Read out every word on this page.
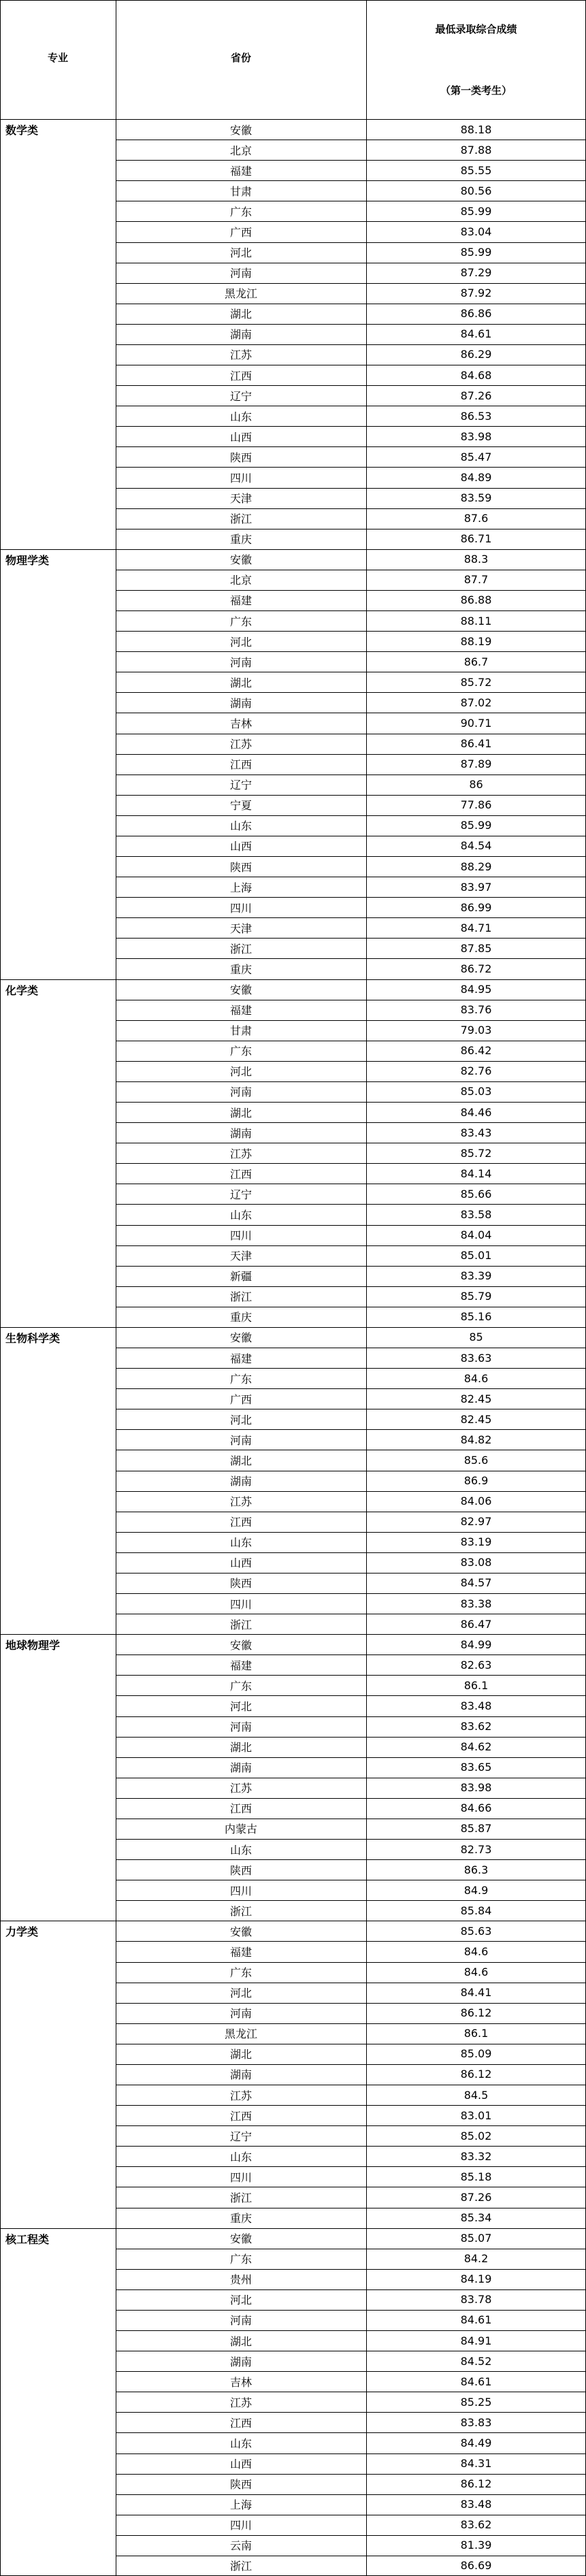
专业	省份
最低录取综合成绩
（第一类考生）
数学类	安徽	88.18
北京	87.88
福建	85.55
甘肃	80.56
广东	85.99
广西	83.04
河北	85.99
河南	87.29
黑龙江	87.92
湖北	86.86
湖南	84.61
江苏	86.29
江西	84.68
辽宁	87.26
山东	86.53
山西	83.98
陕西	85.47
四川	84.89
天津	83.59
浙江	87.6
重庆	86.71
物理学类	安徽	88.3
北京	87.7
福建	86.88
广东	88.11
河北	88.19
河南	86.7
湖北	85.72
湖南	87.02
吉林	90.71
江苏	86.41
江西	87.89
辽宁	86
宁夏	77.86
山东	85.99
山西	84.54
陕西	88.29
上海	83.97
四川	86.99
天津	84.71
浙江	87.85
重庆	86.72
化学类	安徽	84.95
福建	83.76
甘肃	79.03
广东	86.42
河北	82.76
河南	85.03
湖北	84.46
湖南	83.43
江苏	85.72
江西	84.14
辽宁	85.66
山东	83.58
四川	84.04
天津	85.01
新疆	83.39
浙江	85.79
重庆	85.16
生物科学类	安徽	85
福建	83.63
广东	84.6
广西	82.45
河北	82.45
河南	84.82
湖北	85.6
湖南	86.9
江苏	84.06
江西	82.97
山东	83.19
山西	83.08
陕西	84.57
四川	83.38
浙江	86.47
地球物理学	安徽	84.99
福建	82.63
广东	86.1
河北	83.48
河南	83.62
湖北	84.62
湖南	83.65
江苏	83.98
江西	84.66
内蒙古	85.87
山东	82.73
陕西	86.3
四川	84.9
浙江	85.84
力学类	安徽	85.63
福建	84.6
广东	84.6
河北	84.41
河南	86.12
黑龙江	86.1
湖北	85.09
湖南	86.12
江苏	84.5
江西	83.01
辽宁	85.02
山东	83.32
四川	85.18
浙江	87.26
重庆	85.34
核工程类	安徽	85.07
广东	84.2
贵州	84.19
河北	83.78
河南	84.61
湖北	84.91
湖南	84.52
吉林	84.61
江苏	85.25
江西	83.83
山东	84.49
山西	84.31
陕西	86.12
上海	83.48
四川	83.62
云南	81.39
浙江	86.69
